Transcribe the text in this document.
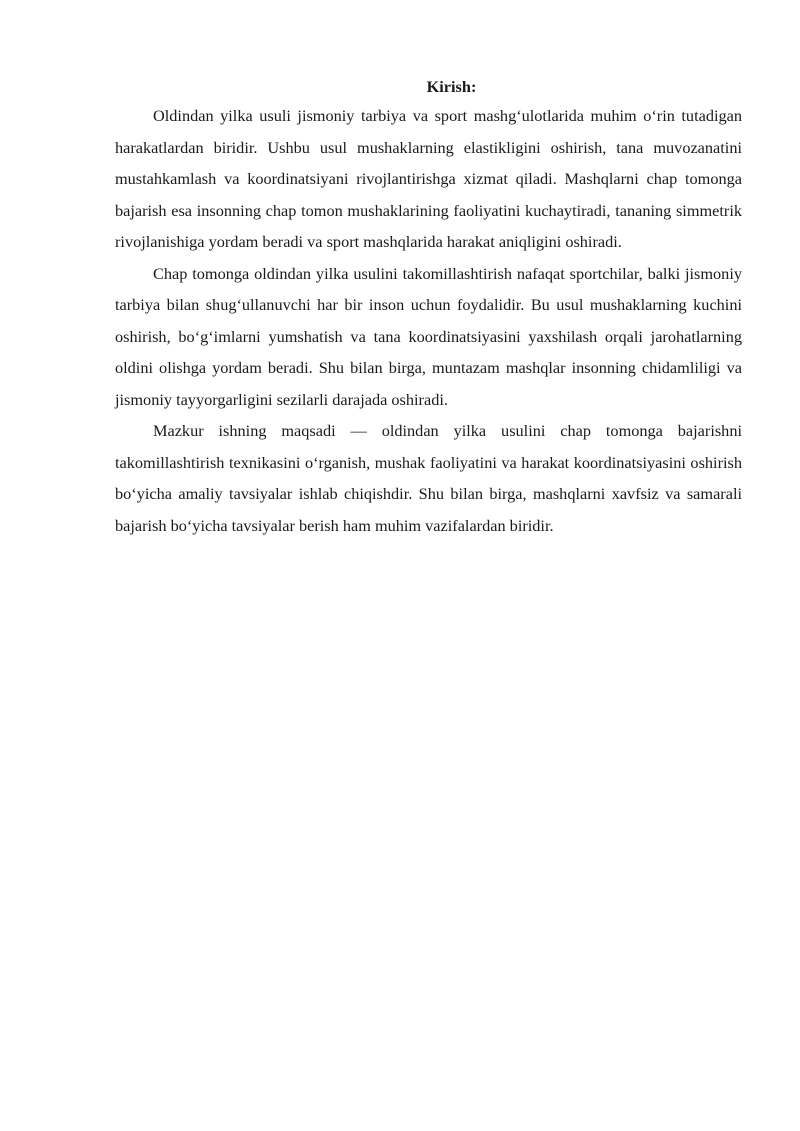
Kirish:

Oldindan yilka usuli jismoniy tarbiya va sport mashg‘ulotlarida muhim o‘rin tutadigan harakatlardan biridir. Ushbu usul mushaklarning elastikligini oshirish, tana muvozanatini mustahkamlash va koordinatsiyani rivojlantirishga xizmat qiladi. Mashqlarni chap tomonga bajarish esa insonning chap tomon mushaklarining faoliyatini kuchaytiradi, tananing simmetrik rivojlanishiga yordam beradi va sport mashqlarida harakat aniqligini oshiradi.

Chap tomonga oldindan yilka usulini takomillashtirish nafaqat sportchilar, balki jismoniy tarbiya bilan shug‘ullanuvchi har bir inson uchun foydalidir. Bu usul mushaklarning kuchini oshirish, bo‘g‘imlarni yumshatish va tana koordinatsiyasini yaxshilash orqali jarohatlarning oldini olishga yordam beradi. Shu bilan birga, muntazam mashqlar insonning chidamliligi va jismoniy tayyorgarligini sezilarli darajada oshiradi.

Mazkur ishning maqsadi — oldindan yilka usulini chap tomonga bajarishni takomillashtirish texnikasini o‘rganish, mushak faoliyatini va harakat koordinatsiyasini oshirish bo‘yicha amaliy tavsiyalar ishlab chiqishdir. Shu bilan birga, mashqlarni xavfsiz va samarali bajarish bo‘yicha tavsiyalar berish ham muhim vazifalardan biridir.
